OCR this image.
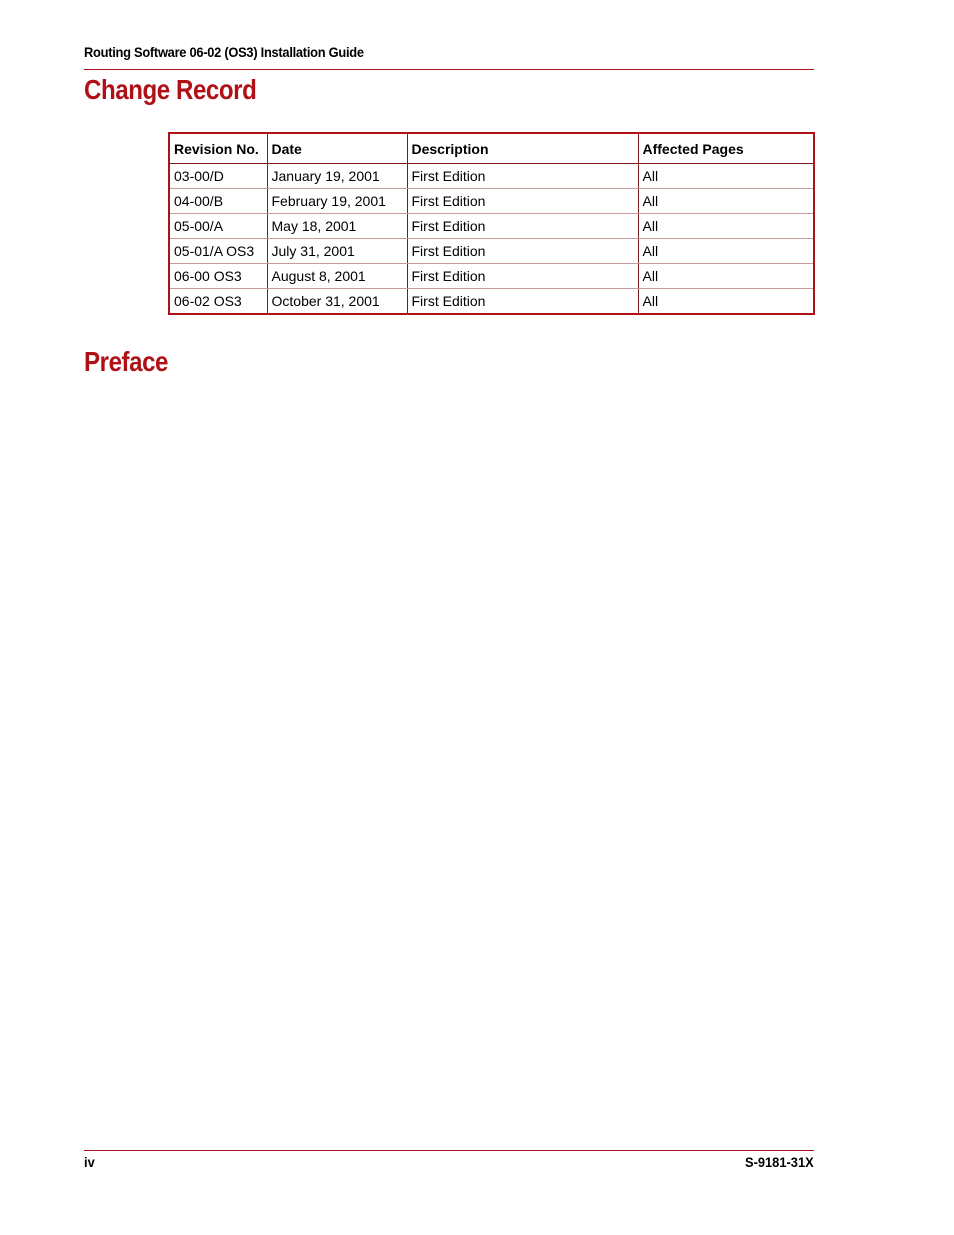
Routing Software 06-02 (OS3) Installation Guide
Change Record
Revision No.	Date	Description	Affected Pages
03-00/D	January 19, 2001	First Edition	All
04-00/B	February 19, 2001	First Edition	All
05-00/A	May 18, 2001	First Edition	All
05-01/A OS3	July 31, 2001	First Edition	All
06-00 OS3	August 8, 2001	First Edition	All
06-02 OS3	October 31, 2001	First Edition	All
Preface
iv	S-9181-31X
